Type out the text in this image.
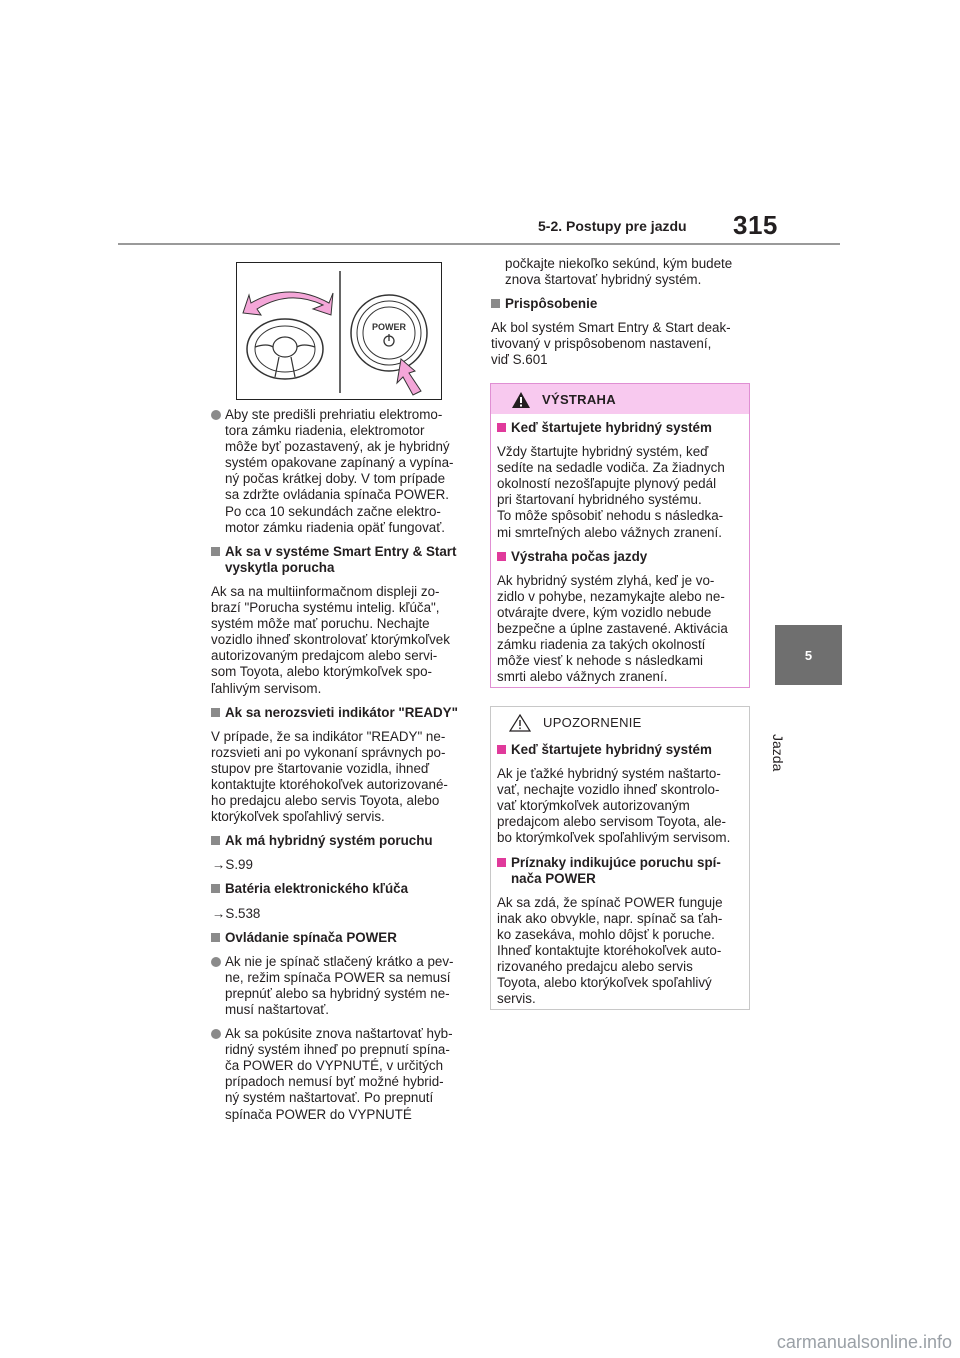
5-2. Postupy pre jazdu 315
5
Jazda
POWER

Aby ste predišli prehriatiu elektromo-
tora zámku riadenia, elektromotor
môže byť pozastavený, ak je hybridný
systém opakovane zapínaný a vypína-
ný počas krátkej doby. V tom prípade
sa zdržte ovládania spínača POWER.
Po cca 10 sekundách začne elektro-
motor zámku riadenia opäť fungovať.

Ak sa v systéme Smart Entry & Start
vyskytla porucha

Ak sa na multiinformačnom displeji zo-
brazí "Porucha systému intelig. kľúča",
systém môže mať poruchu. Nechajte
vozidlo ihneď skontrolovať ktorýmkoľvek
autorizovaným predajcom alebo servi-
som Toyota, alebo ktorýmkoľvek spo-
ľahlivým servisom.

Ak sa nerozsvieti indikátor "READY"

V prípade, že sa indikátor "READY" ne-
rozsvieti ani po vykonaní správnych po-
stupov pre štartovanie vozidla, ihneď
kontaktujte ktoréhokoľvek autorizované-
ho predajcu alebo servis Toyota, alebo
ktorýkoľvek spoľahlivý servis.

Ak má hybridný systém poruchu

→S.99

Batéria elektronického kľúča

→S.538

Ovládanie spínača POWER

Ak nie je spínač stlačený krátko a pev-
ne, režim spínača POWER sa nemusí
prepnúť alebo sa hybridný systém ne-
musí naštartovať.

Ak sa pokúsite znova naštartovať hyb-
ridný systém ihneď po prepnutí spína-
ča POWER do VYPNUTÉ, v určitých
prípadoch nemusí byť možné hybrid-
ný systém naštartovať. Po prepnutí
spínača POWER do VYPNUTÉ

počkajte niekoľko sekúnd, kým budete
znova štartovať hybridný systém.

Prispôsobenie

Ak bol systém Smart Entry & Start deak-
tivovaný v prispôsobenom nastavení,
viď S.601

VÝSTRAHA

Keď štartujete hybridný systém

Vždy štartujte hybridný systém, keď
sedíte na sedadle vodiča. Za žiadnych
okolností nezošľapujte plynový pedál
pri štartovaní hybridného systému.
To môže spôsobiť nehodu s následka-
mi smrteľných alebo vážnych zranení.

Výstraha počas jazdy

Ak hybridný systém zlyhá, keď je vo-
zidlo v pohybe, nezamykajte alebo ne-
otvárajte dvere, kým vozidlo nebude
bezpečne a úplne zastavené. Aktivácia
zámku riadenia za takých okolností
môže viesť k nehode s následkami
smrti alebo vážnych zranení.

UPOZORNENIE

Keď štartujete hybridný systém

Ak je ťažké hybridný systém naštarto-
vať, nechajte vozidlo ihneď skontrolo-
vať ktorýmkoľvek autorizovaným
predajcom alebo servisom Toyota, ale-
bo ktorýmkoľvek spoľahlivým servisom.

Príznaky indikujúce poruchu spí-
nača POWER

Ak sa zdá, že spínač POWER funguje
inak ako obvykle, napr. spínač sa ťah-
ko zasekáva, mohlo dôjsť k poruche.
Ihneď kontaktujte ktoréhokoľvek auto-
rizovaného predajcu alebo servis
Toyota, alebo ktorýkoľvek spoľahlivý
servis.

carmanualsonline.info
